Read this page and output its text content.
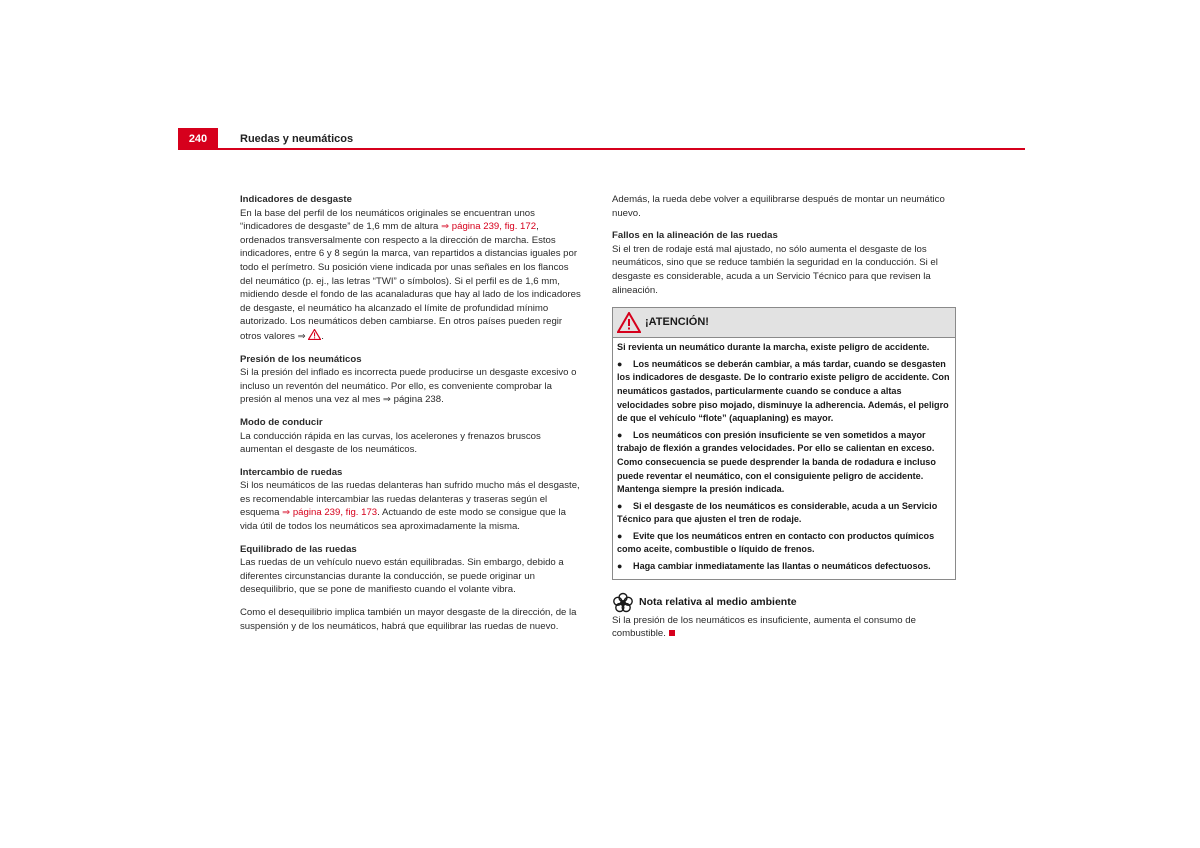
240	Ruedas y neumáticos

Indicadores de desgaste

En la base del perfil de los neumáticos originales se encuentran unos “indicadores de desgaste” de 1,6 mm de altura ⇒ página 239, fig. 172, ordenados transversalmente con respecto a la dirección de marcha. Estos indicadores, entre 6 y 8 según la marca, van repartidos a distancias iguales por todo el perímetro. Su posición viene indicada por unas señales en los flancos del neumático (p. ej., las letras “TWI” o símbolos). Si el perfil es de 1,6 mm, midiendo desde el fondo de las acanaladuras que hay al lado de los indicadores de desgaste, el neumático ha alcanzado el límite de profundidad mínimo autorizado. Los neumáticos deben cambiarse. En otros países pueden regir otros valores ⇒ .

Presión de los neumáticos

Si la presión del inflado es incorrecta puede producirse un desgaste excesivo o incluso un reventón del neumático. Por ello, es conveniente comprobar la presión al menos una vez al mes ⇒ página 238.

Modo de conducir

La conducción rápida en las curvas, los acelerones y frenazos bruscos aumentan el desgaste de los neumáticos.

Intercambio de ruedas

Si los neumáticos de las ruedas delanteras han sufrido mucho más el desgaste, es recomendable intercambiar las ruedas delanteras y traseras según el esquema ⇒ página 239, fig. 173. Actuando de este modo se consigue que la vida útil de todos los neumáticos sea aproximadamente la misma.

Equilibrado de las ruedas

Las ruedas de un vehículo nuevo están equilibradas. Sin embargo, debido a diferentes circunstancias durante la conducción, se puede originar un desequilibrio, que se pone de manifiesto cuando el volante vibra.

Como el desequilibrio implica también un mayor desgaste de la dirección, de la suspensión y de los neumáticos, habrá que equilibrar las ruedas de nuevo.

Además, la rueda debe volver a equilibrarse después de montar un neumático nuevo.

Fallos en la alineación de las ruedas

Si el tren de rodaje está mal ajustado, no sólo aumenta el desgaste de los neumáticos, sino que se reduce también la seguridad en la conducción. Si el desgaste es considerable, acuda a un Servicio Técnico para que revisen la alineación.

¡ATENCIÓN!

Si revienta un neumático durante la marcha, existe peligro de accidente.

● Los neumáticos se deberán cambiar, a más tardar, cuando se desgasten los indicadores de desgaste. De lo contrario existe peligro de accidente. Con neumáticos gastados, particularmente cuando se conduce a altas velocidades sobre piso mojado, disminuye la adherencia. Además, el peligro de que el vehículo “flote” (aquaplaning) es mayor.

● Los neumáticos con presión insuficiente se ven sometidos a mayor trabajo de flexión a grandes velocidades. Por ello se calientan en exceso. Como consecuencia se puede desprender la banda de rodadura e incluso puede reventar el neumático, con el consiguiente peligro de accidente. Mantenga siempre la presión indicada.

● Si el desgaste de los neumáticos es considerable, acuda a un Servicio Técnico para que ajusten el tren de rodaje.

● Evite que los neumáticos entren en contacto con productos químicos como aceite, combustible o líquido de frenos.

● Haga cambiar inmediatamente las llantas o neumáticos defectuosos.

Nota relativa al medio ambiente

Si la presión de los neumáticos es insuficiente, aumenta el consumo de combustible.
